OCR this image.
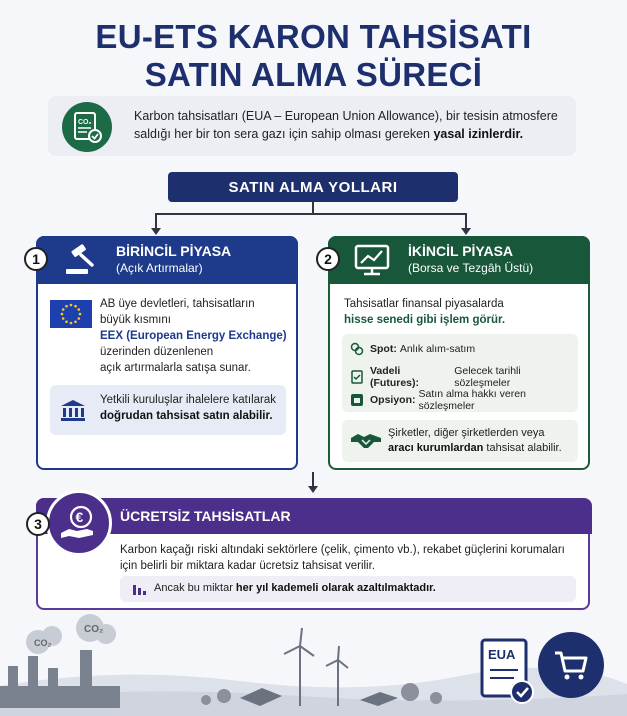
EU-ETS KARON TAHSİSATI
SATIN ALMA SÜRECİ
CO₂	Karbon tahsisatları (EUA – European Union Allowance), bir tesisin atmosfere saldığı her bir ton sera gazı için sahip olması gereken yasal izinlerdir.
SATIN ALMA YOLLARI
1	BİRİNCİL PİYASA
(Açık Artırmalar)
AB üye devletleri, tahsisatların
büyük kısmını
EEX (European Energy Exchange)
üzerinden düzenlenen
açık artırmalarla satışa sunar.
Yetkili kuruluşlar ihalelere katılarak
doğrudan tahsisat satın alabilir.
2	İKİNCİL PİYASA
(Borsa ve Tezgâh Üstü)
Tahsisatlar finansal piyasalarda
hisse senedi gibi işlem görür.
Spot: Anlık alım-satım
Vadeli (Futures):
Gelecek tarihli sözleşmeler
Opsiyon: Satın alma hakkı veren sözleşmeler
Şirketler, diğer şirketlerden veya
aracı kurumlardan tahsisat alabilir.
3	€	ÜCRETSİZ TAHSİSATLAR
Karbon kaçağı riski altındaki sektörlere (çelik, çimento vb.), rekabet güçlerini korumaları için belirli bir miktara kadar ücretsiz tahsisat verilir.
Ancak bu miktar her yıl kademeli olarak azaltılmaktadır.
CO₂
CO₂
EUA
